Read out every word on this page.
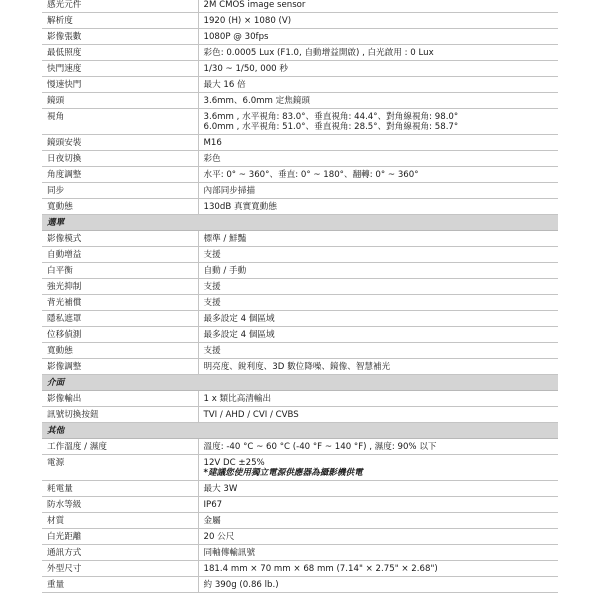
感光元件	2M CMOS image sensor

解析度	1920 (H) × 1080 (V)

影像張數	1080P @ 30fps

最低照度	彩色: 0.0005 Lux (F1.0, 自動增益開啟) , 白光啟用 : 0 Lux

快門速度	1/30 ~ 1/50, 000 秒

慢速快門	最大 16 倍

鏡頭	3.6mm、6.0mm 定焦鏡頭

視角	3.6mm , 水平視角: 83.0°、垂直視角: 44.4°、對角線視角: 98.0°
6.0mm , 水平視角: 51.0°、垂直視角: 28.5°、對角線視角: 58.7°

鏡頭安裝	M16

日夜切換	彩色

角度調整	水平: 0° ~ 360°、垂直: 0° ~ 180°、翻轉: 0° ~ 360°

同步	內部同步掃描

寬動態	130dB 真實寬動態

選單	
影像模式	標準 / 鮮豔

自動增益	支援

白平衡	自動 / 手動

強光抑制	支援

背光補償	支援

隱私遮罩	最多設定 4 個區域

位移偵測	最多設定 4 個區域

寬動態	支援

影像調整	明亮度、銳利度、3D 數位降噪、鏡像、智慧補光

介面	
影像輸出	1 x 類比高清輸出

訊號切換按鈕	TVI / AHD / CVI / CVBS

其他	
工作溫度 / 濕度	溫度: -40 °C ~ 60 °C (-40 °F ~ 140 °F) , 濕度: 90% 以下

電源	12V DC ±25%
*建議您使用獨立電源供應器為攝影機供電

耗電量	最大 3W

防水等級	IP67

材質	金屬

白光距離	20 公尺

通訊方式	同軸傳輸訊號

外型尺寸	181.4 mm × 70 mm × 68 mm (7.14" × 2.75" × 2.68")

重量	約 390g (0.86 lb.)
